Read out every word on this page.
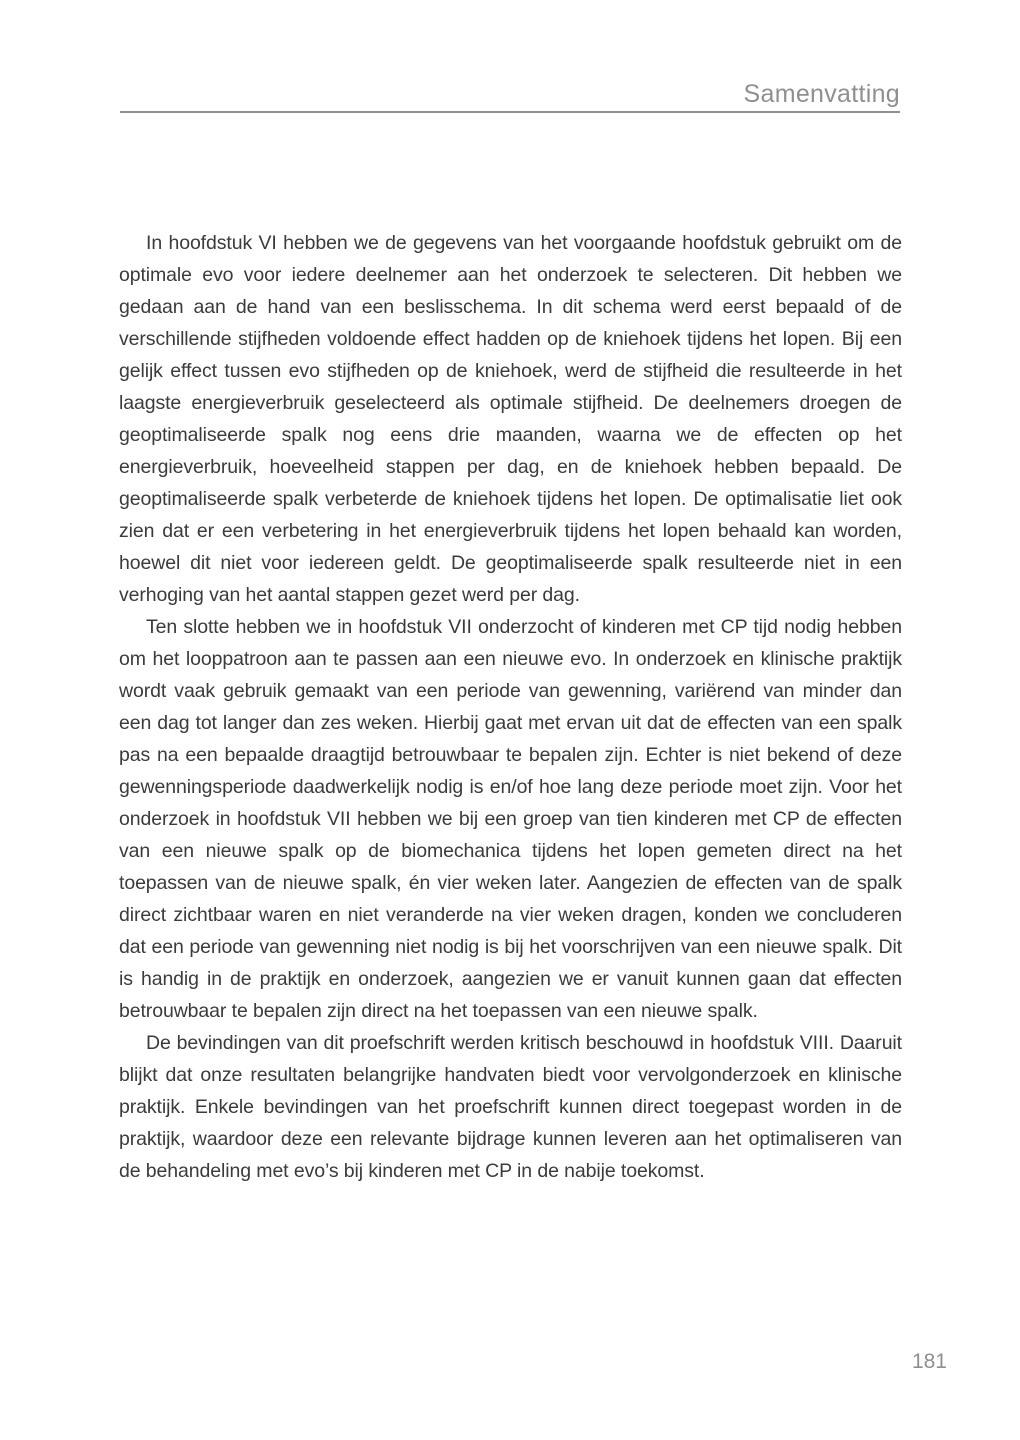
Samenvatting

In hoofdstuk VI hebben we de gegevens van het voorgaande hoofdstuk gebruikt om de optimale evo voor iedere deelnemer aan het onderzoek te selecteren. Dit hebben we gedaan aan de hand van een beslisschema. In dit schema werd eerst bepaald of de verschillende stijfheden voldoende effect hadden op de kniehoek tijdens het lopen. Bij een gelijk effect tussen evo stijfheden op de kniehoek, werd de stijfheid die resulteerde in het laagste energieverbruik geselecteerd als optimale stijfheid. De deelnemers droegen de geoptimaliseerde spalk nog eens drie maanden, waarna we de effecten op het energieverbruik, hoeveelheid stappen per dag, en de kniehoek hebben bepaald. De geoptimaliseerde spalk verbeterde de kniehoek tijdens het lopen. De optimalisatie liet ook zien dat er een verbetering in het energieverbruik tijdens het lopen behaald kan worden, hoewel dit niet voor iedereen geldt. De geoptimaliseerde spalk resulteerde niet in een verhoging van het aantal stappen gezet werd per dag.

Ten slotte hebben we in hoofdstuk VII onderzocht of kinderen met CP tijd nodig hebben om het looppatroon aan te passen aan een nieuwe evo. In onderzoek en klinische praktijk wordt vaak gebruik gemaakt van een periode van gewenning, variërend van minder dan een dag tot langer dan zes weken. Hierbij gaat met ervan uit dat de effecten van een spalk pas na een bepaalde draagtijd betrouwbaar te bepalen zijn. Echter is niet bekend of deze gewenningsperiode daadwerkelijk nodig is en/of hoe lang deze periode moet zijn. Voor het onderzoek in hoofdstuk VII hebben we bij een groep van tien kinderen met CP de effecten van een nieuwe spalk op de biomechanica tijdens het lopen gemeten direct na het toepassen van de nieuwe spalk, én vier weken later. Aangezien de effecten van de spalk direct zichtbaar waren en niet veranderde na vier weken dragen, konden we concluderen dat een periode van gewenning niet nodig is bij het voorschrijven van een nieuwe spalk. Dit is handig in de praktijk en onderzoek, aangezien we er vanuit kunnen gaan dat effecten betrouwbaar te bepalen zijn direct na het toepassen van een nieuwe spalk.

De bevindingen van dit proefschrift werden kritisch beschouwd in hoofdstuk VIII. Daaruit blijkt dat onze resultaten belangrijke handvaten biedt voor vervolgonderzoek en klinische praktijk. Enkele bevindingen van het proefschrift kunnen direct toegepast worden in de praktijk, waardoor deze een relevante bijdrage kunnen leveren aan het optimaliseren van de behandeling met evo’s bij kinderen met CP in de nabije toekomst.

181
